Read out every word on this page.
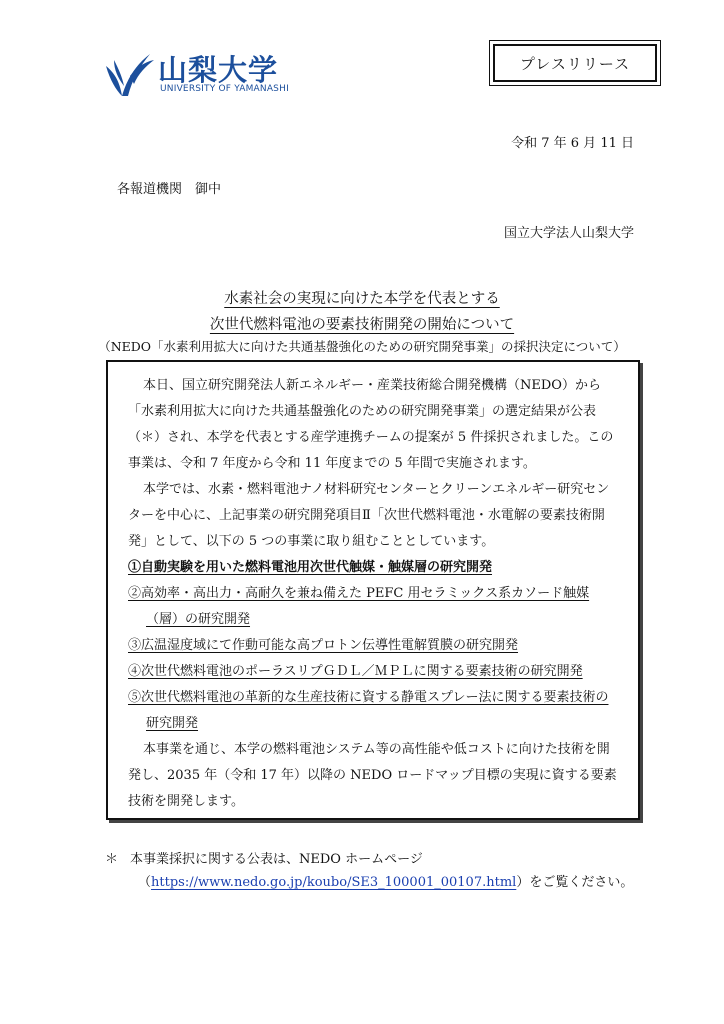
山梨大学
UNIVERSITY OF YAMANASHI
プレスリリース
令和 7 年 6 月 11 日
各報道機関　御中
国立大学法人山梨大学
水素社会の実現に向けた本学を代表とする
次世代燃料電池の要素技術開発の開始について
（NEDO「水素利用拡大に向けた共通基盤強化のための研究開発事業」の採択決定について）
本日、国立研究開発法人新エネルギー・産業技術総合開発機構（NEDO）から
「水素利用拡大に向けた共通基盤強化のための研究開発事業」の選定結果が公表
（＊）され、本学を代表とする産学連携チームの提案が 5 件採択されました。この
事業は、令和 7 年度から令和 11 年度までの 5 年間で実施されます。
本学では、水素・燃料電池ナノ材料研究センターとクリーンエネルギー研究セン
ターを中心に、上記事業の研究開発項目Ⅱ「次世代燃料電池・水電解の要素技術開
発」として、以下の 5 つの事業に取り組むこととしています。
①自動実験を用いた燃料電池用次世代触媒・触媒層の研究開発
②高効率・高出力・高耐久を兼ね備えた PEFC 用セラミックス系カソード触媒
（層）の研究開発
③広温湿度域にて作動可能な高プロトン伝導性電解質膜の研究開発
④次世代燃料電池のポーラスリプＧＤＬ／ＭＰＬに関する要素技術の研究開発
⑤次世代燃料電池の革新的な生産技術に資する静電スプレー法に関する要素技術の
研究開発
本事業を通じ、本学の燃料電池システム等の高性能や低コストに向けた技術を開
発し、2035 年（令和 17 年）以降の NEDO ロードマップ目標の実現に資する要素
技術を開発します。
＊ 本事業採択に関する公表は、NEDO ホームページ
（https://www.nedo.go.jp/koubo/SE3_100001_00107.html）をご覧ください。
